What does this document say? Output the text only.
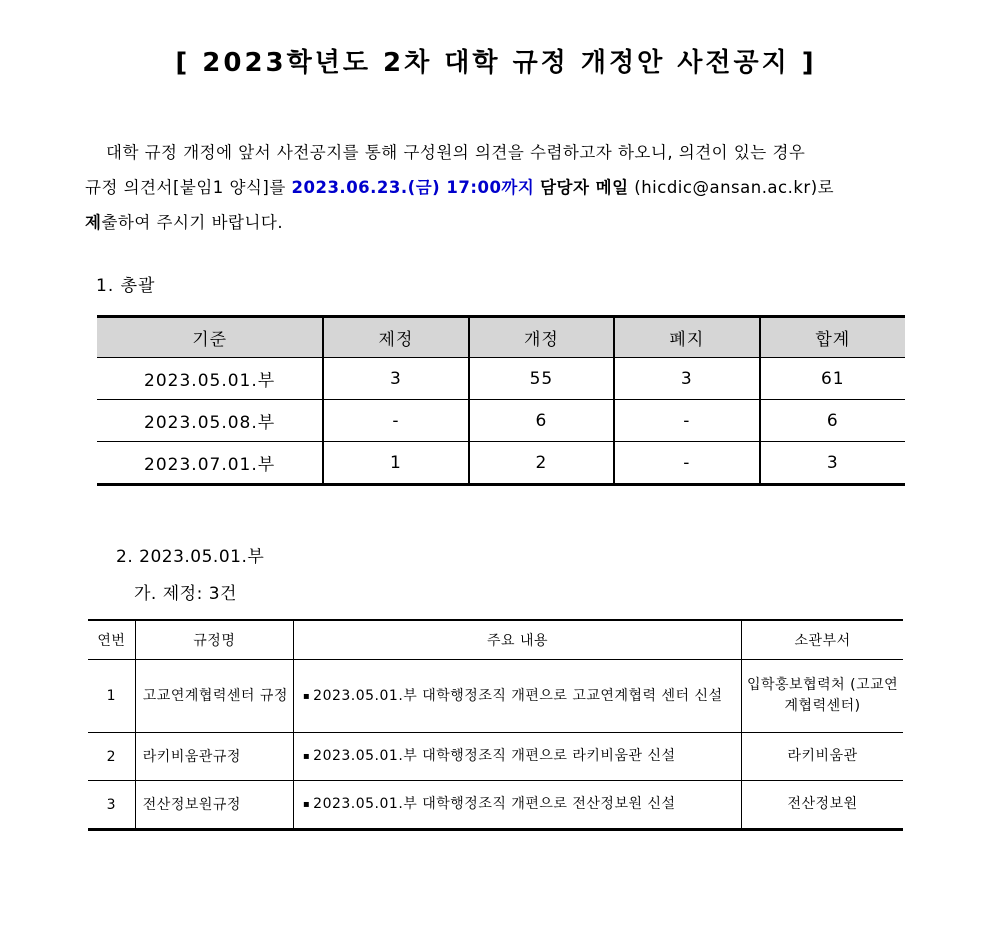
[ 2023학년도 2차 대학 규정 개정안 사전공지 ]
대학 규정 개정에 앞서 사전공지를 통해 구성원의 의견을 수렴하고자 하오니, 의견이 있는 경우
규정 의견서[붙임1 양식]를 2023.06.23.(금) 17:00까지 담당자 메일 (hicdic@ansan.ac.kr)로
제출하여 주시기 바랍니다.
1. 총괄
기준	제정	개정	폐지	합계
2023.05.01.부	3	55	3	61
2023.05.08.부	-	6	-	6
2023.07.01.부	1	2	-	3
2. 2023.05.01.부
가. 제정: 3건
연번	규정명	주요 내용	소관부서
1	고교연계협력센터 규정	▪ 2023.05.01.부 대학행정조직 개편으로 고교연계협력 센터 신설	입학홍보협력처 (고교연계협력센터)
2	라키비움관규정	▪ 2023.05.01.부 대학행정조직 개편으로 라키비움관 신설	라키비움관
3	전산정보원규정	▪ 2023.05.01.부 대학행정조직 개편으로 전산정보원 신설	전산정보원
